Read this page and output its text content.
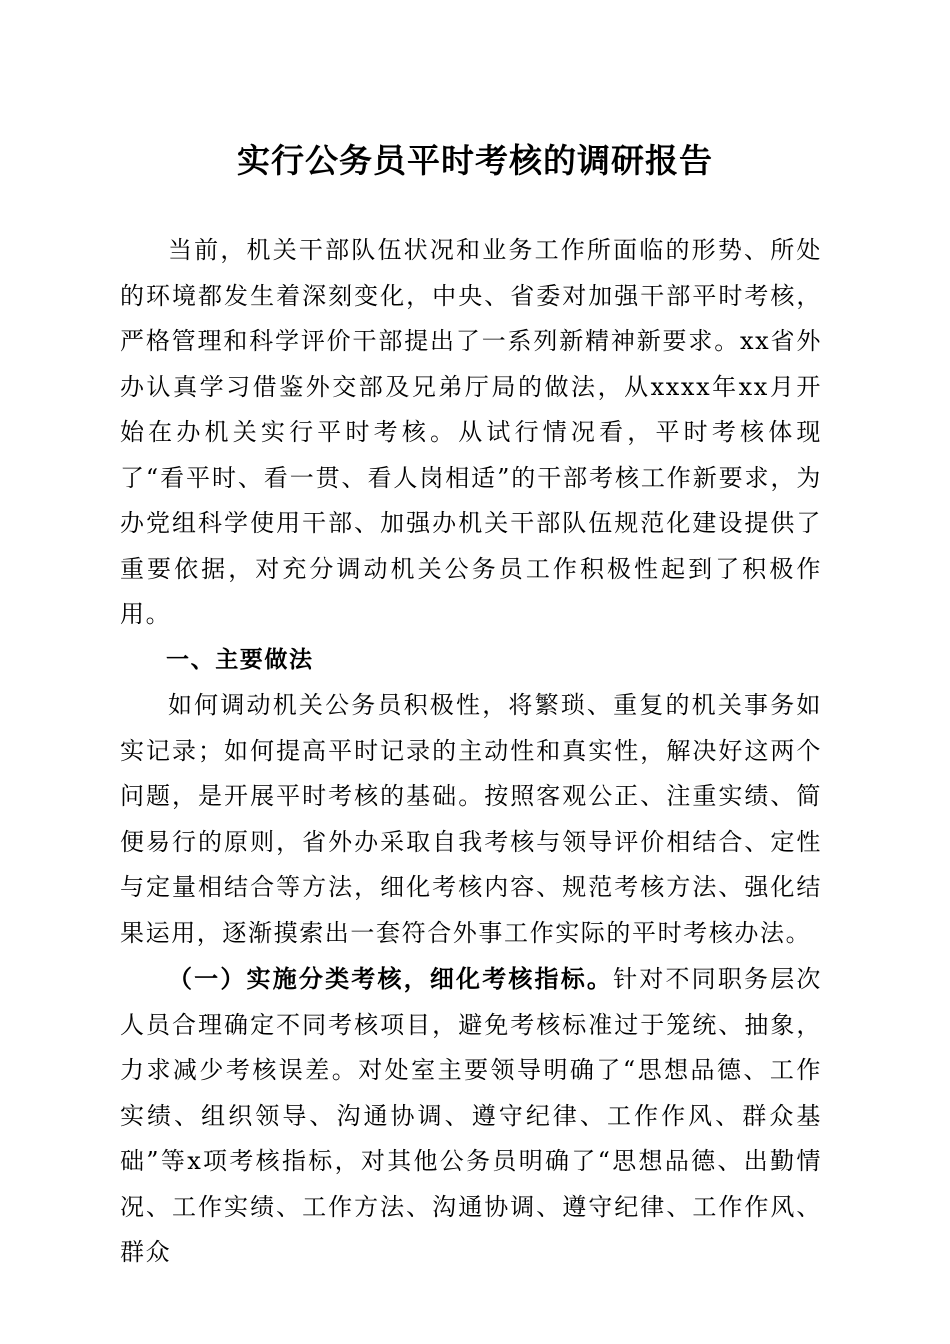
实行公务员平时考核的调研报告

当前，机关干部队伍状况和业务工作所面临的形势、所处的环境都发生着深刻变化，中央、省委对加强干部平时考核，严格管理和科学评价干部提出了一系列新精神新要求。xx省外办认真学习借鉴外交部及兄弟厅局的做法，从xxxx年xx月开始在办机关实行平时考核。从试行情况看，平时考核体现了“看平时、看一贯、看人岗相适”的干部考核工作新要求，为办党组科学使用干部、加强办机关干部队伍规范化建设提供了重要依据，对充分调动机关公务员工作积极性起到了积极作用。

一、主要做法

如何调动机关公务员积极性，将繁琐、重复的机关事务如实记录；如何提高平时记录的主动性和真实性，解决好这两个问题，是开展平时考核的基础。按照客观公正、注重实绩、简便易行的原则，省外办采取自我考核与领导评价相结合、定性与定量相结合等方法，细化考核内容、规范考核方法、强化结果运用，逐渐摸索出一套符合外事工作实际的平时考核办法。

（一）实施分类考核，细化考核指标。针对不同职务层次人员合理确定不同考核项目，避免考核标准过于笼统、抽象，力求减少考核误差。对处室主要领导明确了“思想品德、工作实绩、组织领导、沟通协调、遵守纪律、工作作风、群众基础”等x项考核指标，对其他公务员明确了“思想品德、出勤情况、工作实绩、工作方法、沟通协调、遵守纪律、工作作风、群众
